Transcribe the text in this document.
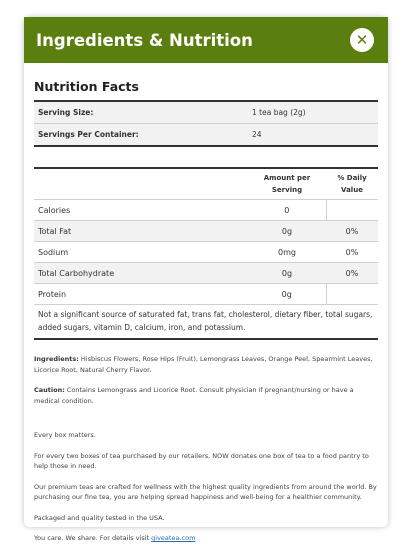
Ingredients & Nutrition	✕
Nutrition Facts
Serving Size:	1 tea bag (2g)
Servings Per Container:	24
	Amount per Serving	% Daily Value
Calories	0	
Total Fat	0g	0%
Sodium	0mg	0%
Total Carbohydrate	0g	0%
Protein	0g	
Not a significant source of saturated fat, trans fat, cholesterol, dietary fiber, total sugars, added sugars, vitamin D, calcium, iron, and potassium.		
Ingredients: Hisbiscus Flowers, Rose Hips (Fruit), Lemongrass Leaves, Orange Peel, Spearmint Leaves, Licorice Root, Natural Cherry Flavor.
Caution: Contains Lemongrass and Licorice Root. Consult physician if pregnant/nursing or have a medical condition.
Every box matters.
For every two boxes of tea purchased by our retailers, NOW donates one box of tea to a food pantry to help those in need.
Our premium teas are crafted for wellness with the highest quality ingredients from around the world. By purchasing our fine tea, you are helping spread happiness and well-being for a healthier community.
Packaged and quality tested in the USA.
You care. We share. For details visit giveatea.com
